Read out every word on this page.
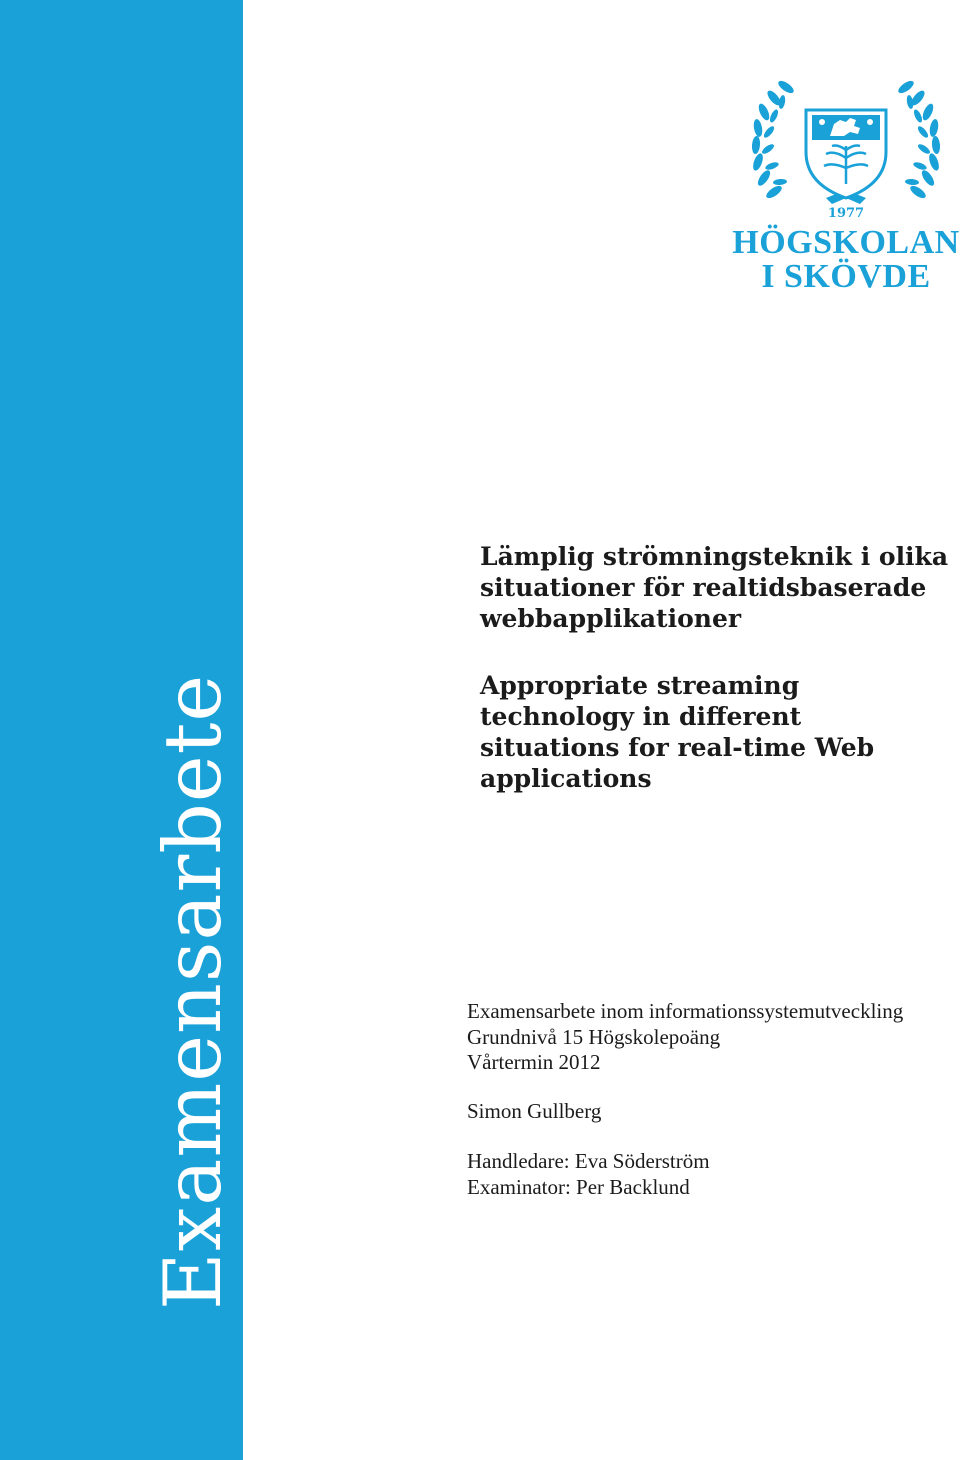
Examensarbete
1977
HÖGSKOLAN
I SKÖVDE
Lämplig strömningsteknik i olika
situationer för realtidsbaserade
webbapplikationer
Appropriate streaming
technology in different
situations for real-time Web
applications
Examensarbete inom informationssystemutveckling
Grundnivå 15 Högskolepoäng
Vårtermin 2012
Simon Gullberg
Handledare: Eva Söderström
Examinator: Per Backlund
